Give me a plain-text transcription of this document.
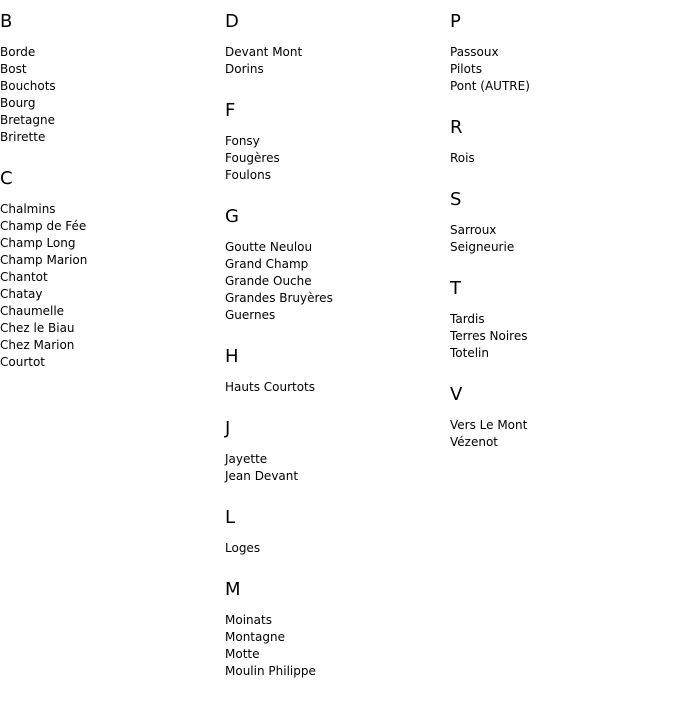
B
Borde
Bost
Bouchots
Bourg
Bretagne
Brirette
C
Chalmins
Champ de Fée
Champ Long
Champ Marion
Chantot
Chatay
Chaumelle
Chez le Biau
Chez Marion
Courtot
D
Devant Mont
Dorins
F
Fonsy
Fougères
Foulons
G
Goutte Neulou
Grand Champ
Grande Ouche
Grandes Bruyères
Guernes
H
Hauts Courtots
J
Jayette
Jean Devant
L
Loges
M
Moinats
Montagne
Motte
Moulin Philippe
P
Passoux
Pilots
Pont (AUTRE)
R
Rois
S
Sarroux
Seigneurie
T
Tardis
Terres Noires
Totelin
V
Vers Le Mont
Vézenot
